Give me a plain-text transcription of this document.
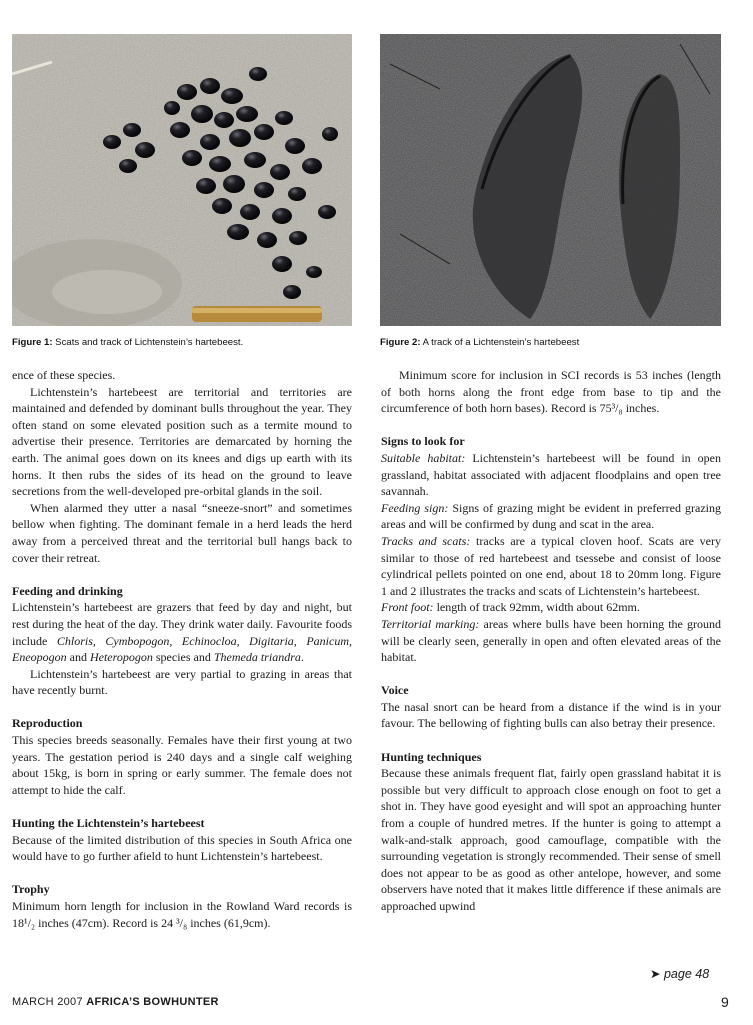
Figure 1: Scats and track of Lichtenstein’s hartebeest.	Figure 2: A track of a Lichtenstein’s hartebeest

ence of these species.

Lichtenstein’s hartebeest are territorial and territories are maintained and defended by dominant bulls throughout the year. They often stand on some elevated position such as a termite mound to advertise their presence. Territories are demarcated by horning the earth. The animal goes down on its knees and digs up earth with its horns. It then rubs the sides of its head on the ground to leave secretions from the well-developed pre-orbital glands in the soil.

When alarmed they utter a nasal “sneeze-snort” and sometimes bellow when fighting. The dominant female in a herd leads the herd away from a perceived threat and the territorial bull hangs back to cover their retreat.

Feeding and drinking

Lichtenstein’s hartebeest are grazers that feed by day and night, but rest during the heat of the day. They drink water daily. Favourite foods include Chloris, Cymbopogon, Echinocloa, Digitaria, Panicum, Eneopogon and Heteropogon species and Themeda triandra.

Lichtenstein’s hartebeest are very partial to grazing in areas that have recently burnt.

Reproduction

This species breeds seasonally. Females have their first young at two years. The gestation period is 240 days and a single calf weighing about 15kg, is born in spring or early summer. The female does not attempt to hide the calf.

Hunting the Lichtenstein’s hartebeest

Because of the limited distribution of this species in South Africa one would have to go further afield to hunt Lichtenstein’s hartebeest.

Trophy

Minimum horn length for inclusion in the Rowland Ward records is 18¹/₂ inches (47cm). Record is 24 ³/₈ inches (61,9cm).

Minimum score for inclusion in SCI records is 53 inches (length of both horns along the front edge from base to tip and the circumference of both horn bases). Record is 75³/₈ inches.

Signs to look for

Suitable habitat: Lichtenstein’s hartebeest will be found in open grassland, habitat associated with adjacent floodplains and open tree savannah.

Feeding sign: Signs of grazing might be evident in preferred grazing areas and will be confirmed by dung and scat in the area.

Tracks and scats: tracks are a typical cloven hoof. Scats are very similar to those of red hartebeest and tsessebe and consist of loose cylindrical pellets pointed on one end, about 18 to 20mm long. Figure 1 and 2 illustrates the tracks and scats of Lichtenstein’s hartebeest.

Front foot: length of track 92mm, width about 62mm.

Territorial marking: areas where bulls have been horning the ground will be clearly seen, generally in open and often elevated areas of the habitat.

Voice

The nasal snort can be heard from a distance if the wind is in your favour. The bellowing of fighting bulls can also betray their presence.

Hunting techniques

Because these animals frequent flat, fairly open grassland habitat it is possible but very difficult to approach close enough on foot to get a shot in. They have good eyesight and will spot an approaching hunter from a couple of hundred metres. If the hunter is going to attempt a walk-and-stalk approach, good camouflage, compatible with the surrounding vegetation is strongly recommended. Their sense of smell does not appear to be as good as other antelope, however, and some observers have noted that it makes little difference if these animals are approached upwind

➤ page 48
MARCH 2007 AFRICA’S BOWHUNTER	9
